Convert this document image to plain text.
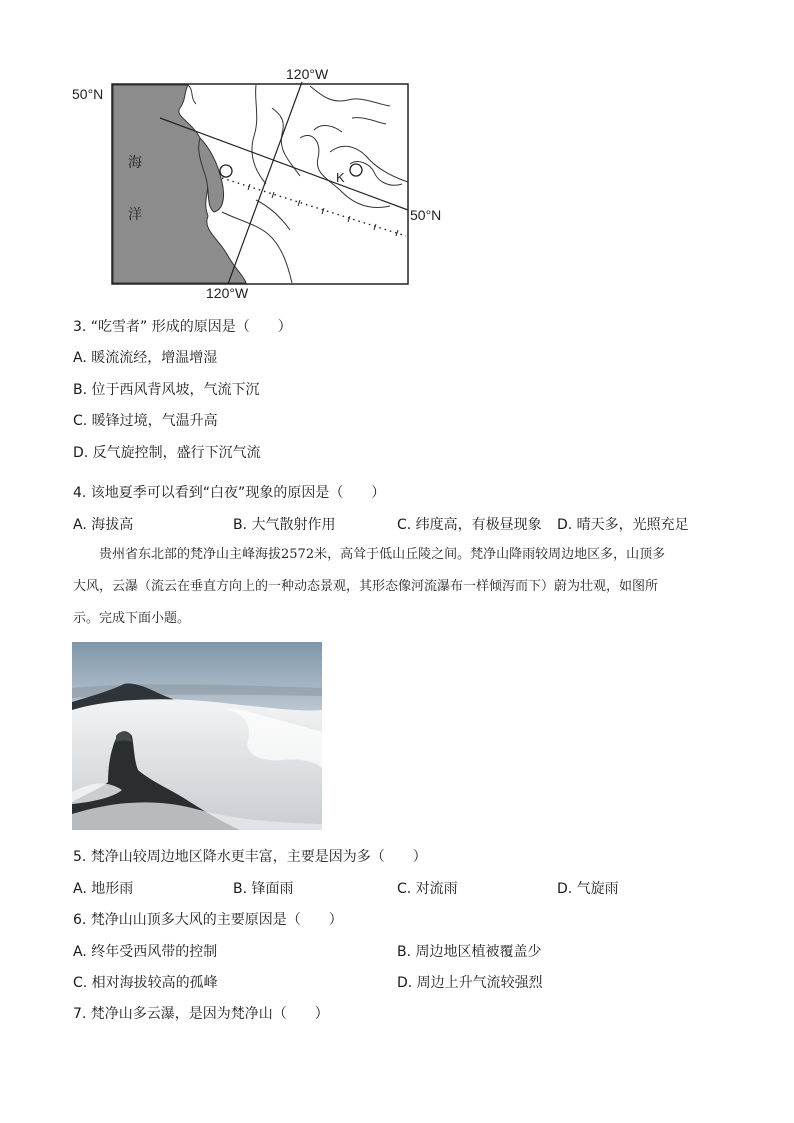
50°N
50°N
120°W
120°W
海
洋
K
3. “吃雪者” 形成的原因是（　　）
A. 暖流流经，增温增湿
B. 位于西风背风坡，气流下沉
C. 暖锋过境，气温升高
D. 反气旋控制，盛行下沉气流
4. 该地夏季可以看到“白夜”现象的原因是（　　）
A. 海拔高	B. 大气散射作用	C. 纬度高，有极昼现象 D. 晴天多，光照充足
贵州省东北部的梵净山主峰海拔2572米，高耸于低山丘陵之间。梵净山降雨较周边地区多，山顶多
大风，云瀑（流云在垂直方向上的一种动态景观，其形态像河流瀑布一样倾泻而下）蔚为壮观，如图所
示。完成下面小题。
5. 梵净山较周边地区降水更丰富，主要是因为多（　　）
A. 地形雨	B. 锋面雨	C. 对流雨	D. 气旋雨
6. 梵净山山顶多大风的主要原因是（　　）
A. 终年受西风带的控制	B. 周边地区植被覆盖少
C. 相对海拔较高的孤峰	D. 周边上升气流较强烈
7. 梵净山多云瀑，是因为梵净山（　　）
